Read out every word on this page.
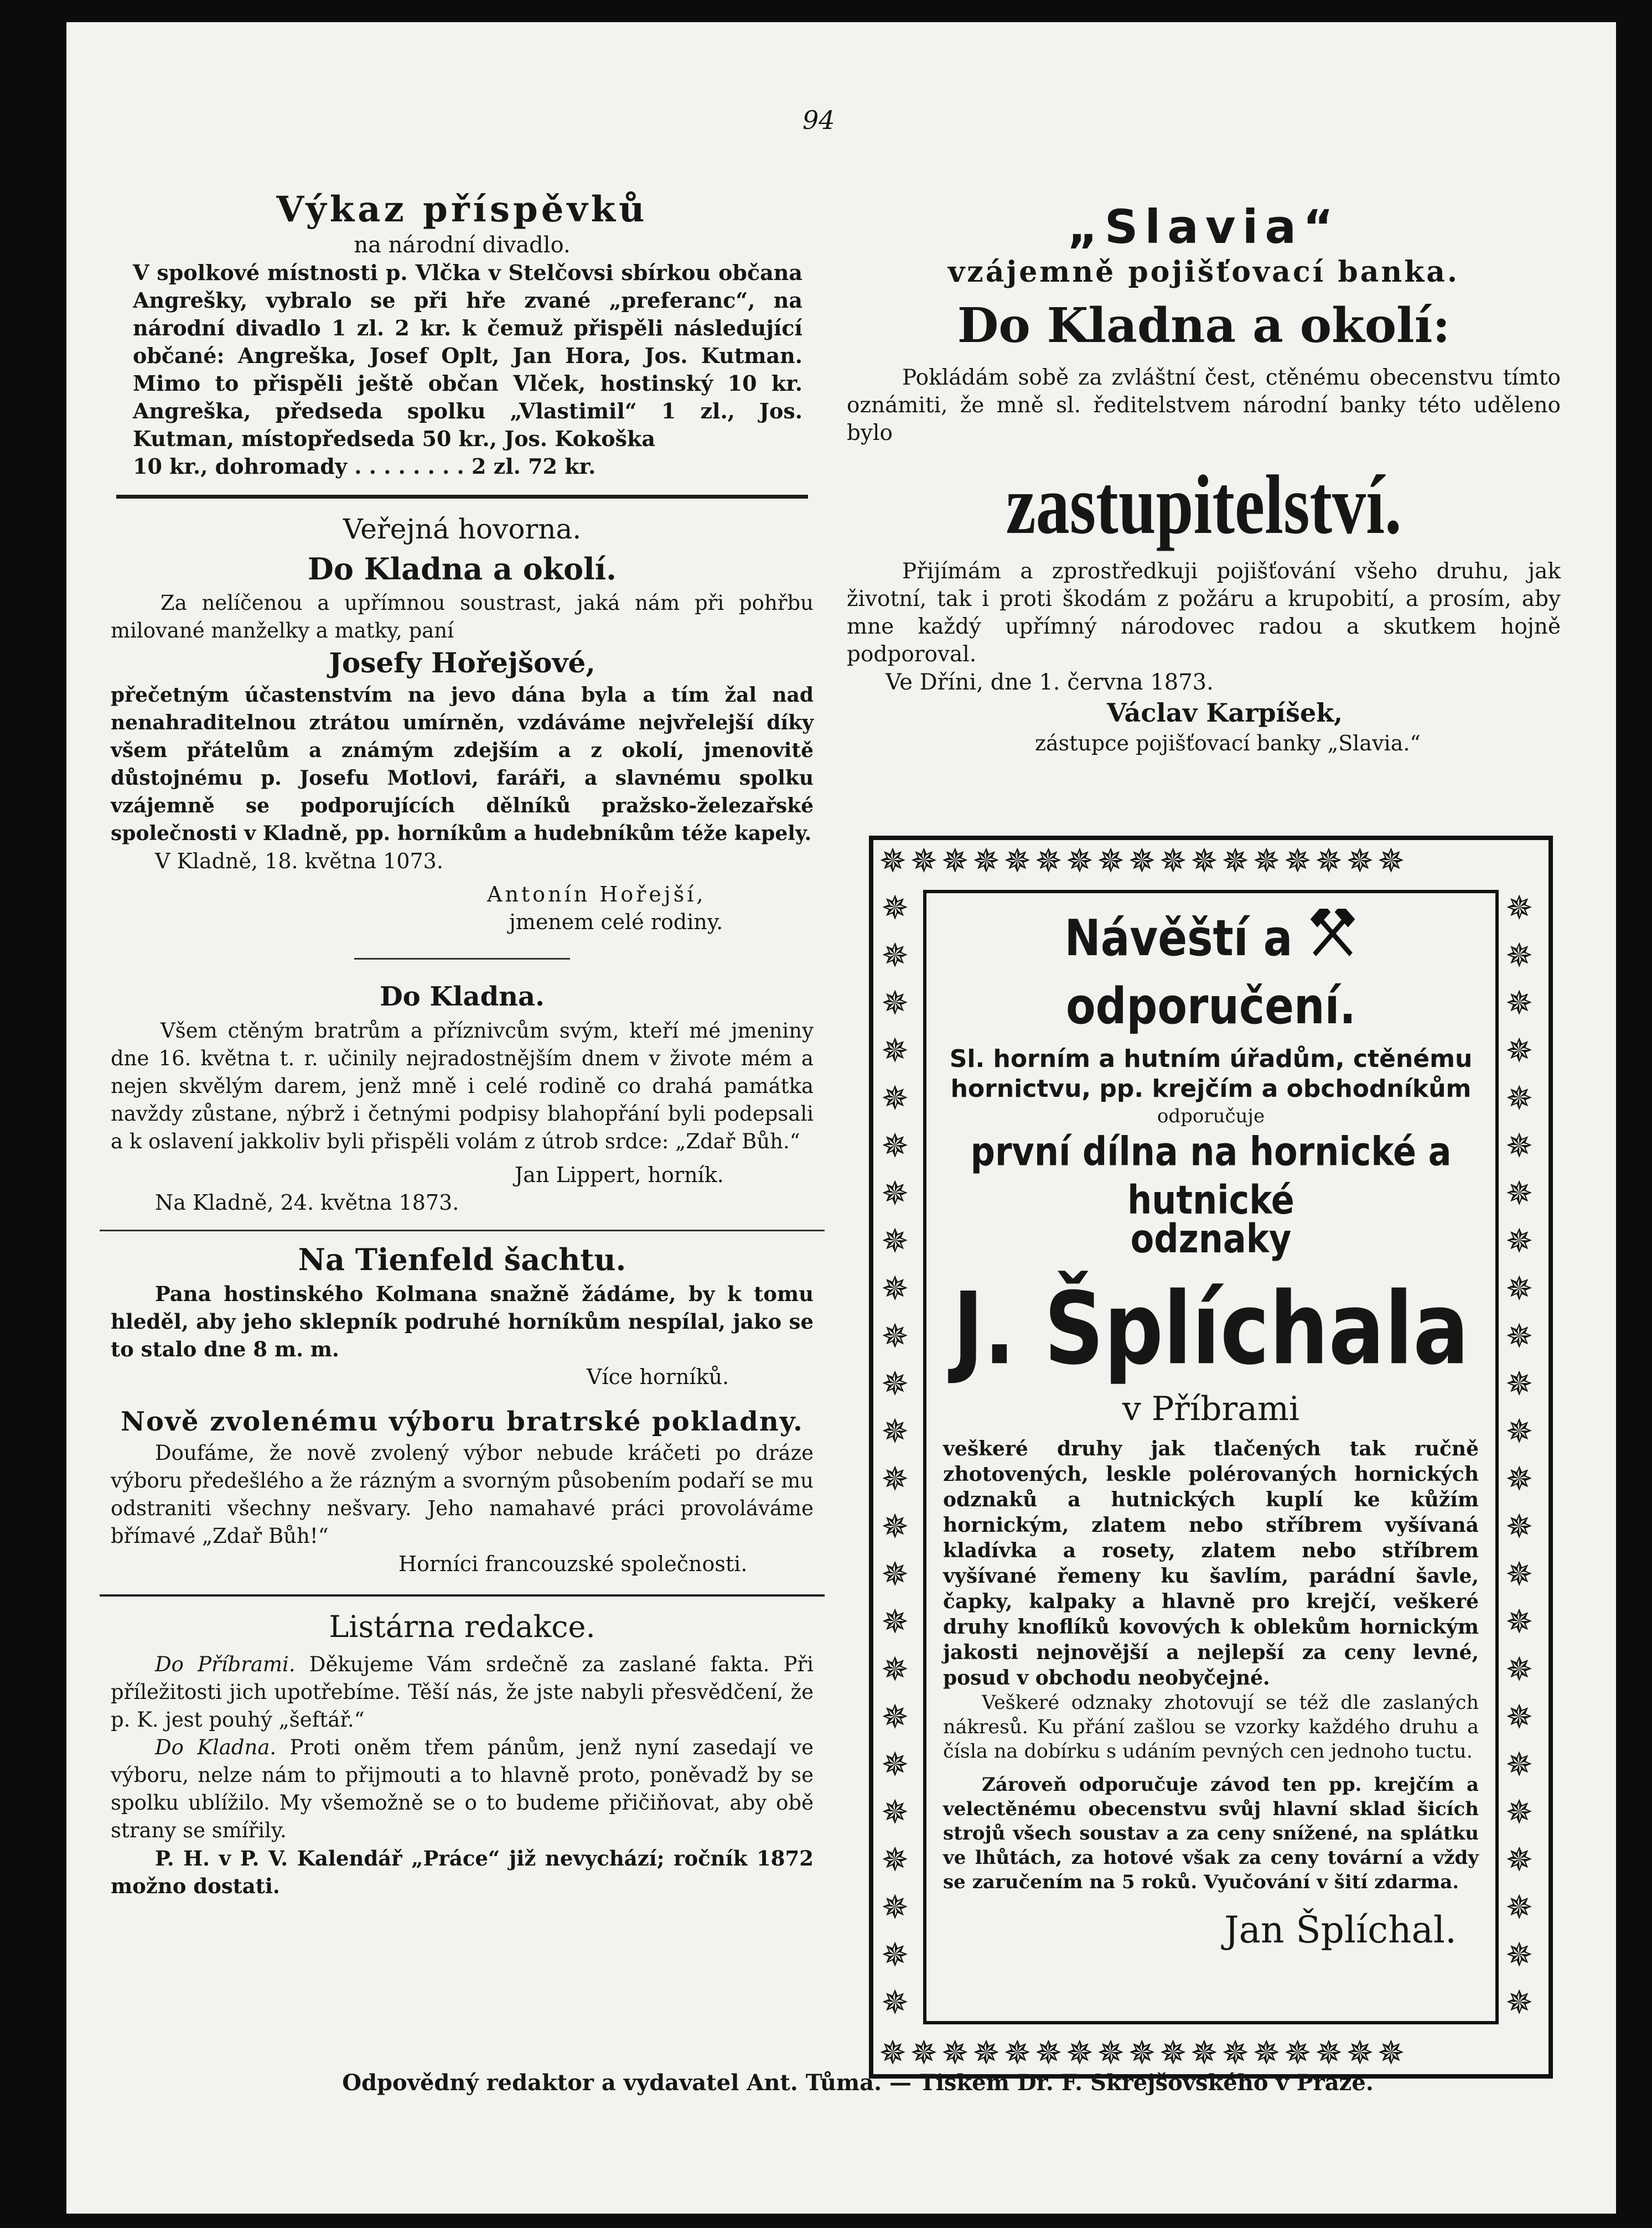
94

Výkaz příspěvků

na národní divadlo.

V spolkové místnosti p. Vlčka v Stelčovsi sbírkou občana Angrešky, vybralo se při hře zvané „preferanc“, na národní divadlo 1 zl. 2 kr. k čemuž přispěli následující občané: Angreška, Josef Oplt, Jan Hora, Jos. Kutman. Mimo to přispěli ještě občan Vlček, hostinský 10 kr. Angreška, předseda spolku „Vlastimil“ 1 zl., Jos. Kutman, místopředseda 50 kr., Jos. Kokoška

10 kr., dohromady . . . . . . . . 2 zl. 72 kr.

Veřejná hovorna.

Do Kladna a okolí.

Za nelíčenou a upřímnou soustrast, jaká nám při pohřbu milované manželky a matky, paní

Josefy Hořejšové,

přečetným účastenstvím na jevo dána byla a tím žal nad nenahraditelnou ztrátou umírněn, vzdáváme nejvřelejší díky všem přátelům a známým zdejším a z okolí, jmenovitě důstojnému p. Josefu Motlovi, faráři, a slavnému spolku vzájemně se podporujících dělníků pražsko-železařské společnosti v Kladně, pp. horníkům a hudebníkům téže kapely.

V Kladně, 18. května 1073.

Antonín Hořejší,

jmenem celé rodiny.

Do Kladna.

Všem ctěným bratrům a příznivcům svým, kteří mé jmeniny dne 16. května t. r. učinily nejradostnějším dnem v živote mém a nejen skvělým darem, jenž mně i celé rodině co drahá památka navždy zůstane, nýbrž i četnými podpisy blahopřání byli podepsali a k oslavení jakkoliv byli přispěli volám z útrob srdce: „Zdař Bůh.“

Jan Lippert, horník.

Na Kladně, 24. května 1873.

Na Tienfeld šachtu.

Pana hostinského Kolmana snažně žádáme, by k tomu hleděl, aby jeho sklepník podruhé horníkům nespílal, jako se to stalo dne 8 m. m.

Více horníků.

Nově zvolenému výboru bratrské pokladny.

Doufáme, že nově zvolený výbor nebude kráčeti po dráze výboru předešlého a že rázným a svorným působením podaří se mu odstraniti všechny nešvary. Jeho namahavé práci provoláváme břímavé „Zdař Bůh!“

Horníci francouzské společnosti.

Listárna redakce.

Do Příbrami. Děkujeme Vám srdečně za zaslané fakta. Při příležitosti jich upotřebíme. Těší nás, že jste nabyli přesvědčení, že p. K. jest pouhý „šeftář.“

Do Kladna. Proti oněm třem pánům, jenž nyní zasedají ve výboru, nelze nám to přijmouti a to hlavně proto, poněvadž by se spolku ublížilo. My všemožně se o to budeme přičiňovat, aby obě strany se smířily.

P. H. v P. V. Kalendář „Práce“ již nevychází; ročník 1872 možno dostati.

„Slavia“

vzájemně pojišťovací banka.

Do Kladna a okolí:

Pokládám sobě za zvláštní čest, ctěnému obecenstvu tímto oznámiti, že mně sl. ředitelstvem národní banky této uděleno bylo

zastupitelství.

Přijímám a zprostředkuji pojišťování všeho druhu, jak životní, tak i proti škodám z požáru a krupobití, a prosím, aby mne každý upřímný národovec radou a skutkem hojně podporoval.

Ve Dříni, dne 1. června 1873.

Václav Karpíšek,

zástupce pojišťovací banky „Slavia.“

✵✵✵✵✵✵✵✵✵✵✵✵✵✵✵✵✵
✵✵✵✵✵✵✵✵✵✵✵✵✵✵✵✵✵
✵✵✵✵✵✵✵✵✵✵✵✵✵✵✵✵✵✵✵✵✵✵✵✵
✵✵✵✵✵✵✵✵✵✵✵✵✵✵✵✵✵✵✵✵✵✵✵✵

Návěští a  odporučení.

Sl. horním a hutním úřadům, ctěnému hornictvu, pp. krejčím a obchodníkům

odporučuje

první dílna na hornické a hutnické

odznaky

J. Šplíchala

v Příbrami

veškeré druhy jak tlačených tak ručně zhotovených, leskle polérovaných hornických odznaků a hutnických kuplí ke kůžím hornickým, zlatem nebo stříbrem vyšívaná kladívka a rosety, zlatem nebo stříbrem vyšívané řemeny ku šavlím, parádní šavle, čapky, kalpaky a hlavně pro krejčí, veškeré druhy knoflíků kovových k oblekům hornickým jakosti nejnovější a nejlepší za ceny levné, posud v obchodu neobyčejné.

Veškeré odznaky zhotovují se též dle zaslaných nákresů. Ku přání zašlou se vzorky každého druhu a čísla na dobírku s udáním pevných cen jednoho tuctu.

Zároveň odporučuje závod ten pp. krejčím a velectěnému obecenstvu svůj hlavní sklad šicích strojů všech soustav a za ceny snížené, na splátku ve lhůtách, za hotové však za ceny tovární a vždy se zaručením na 5 roků. Vyučování v šití zdarma.

Jan Šplíchal.

Odpovědný redaktor a vydavatel Ant. Tůma. — Tiskem Dr. F. Skrejšovského v Praze.
